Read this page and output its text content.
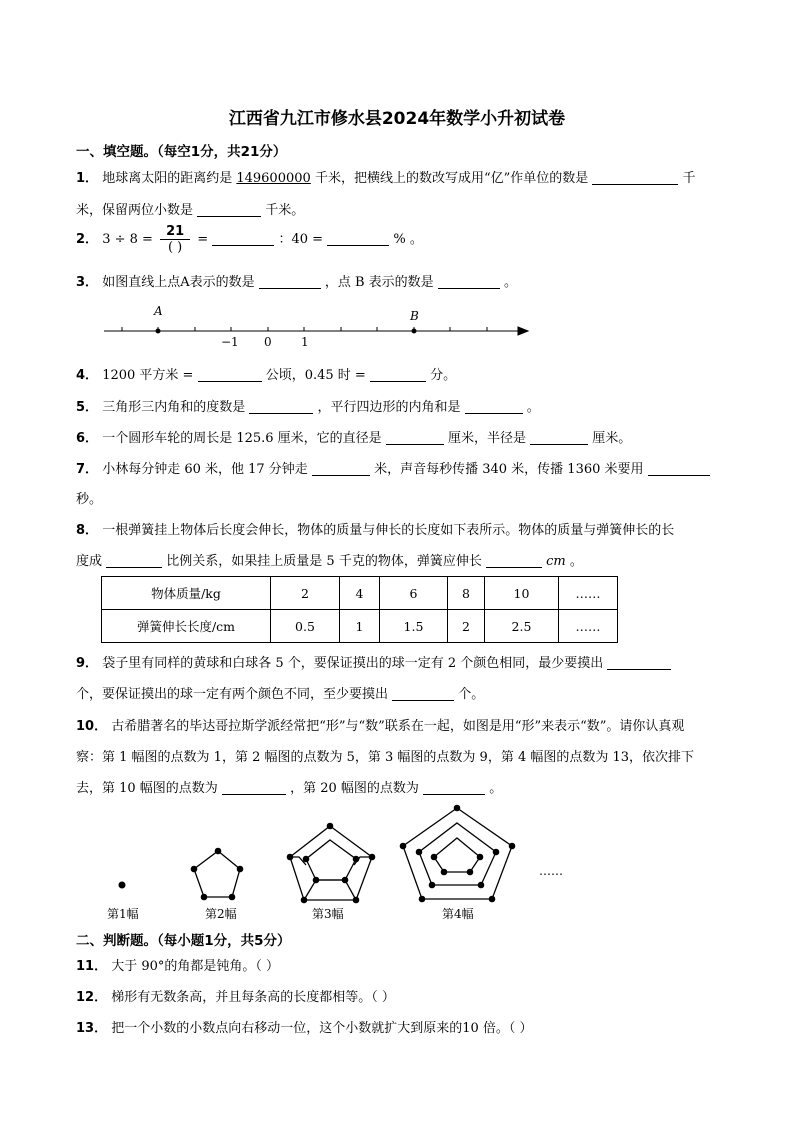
江西省九江市修水县2024年数学小升初试卷
一、填空题。（每空1分，共21分）
1． 地球离太阳的距离约是 149600000 千米，把横线上的数改写成用“亿”作单位的数是	千
米，保留两位小数是	千米。
2． $3 \div 8 = \frac{21}{( )}$ =	：40 =	% 。
3． 如图直线上点A表示的数是	，点 B 表示的数是	。
A	B
−1 0 1
第1幅	第2幅	第3幅	第4幅
……
4． 1200 平方米 =	公顷，0.45 时 =	分。
5． 三角形三内角和的度数是	，平行四边形的内角和是	。
6． 一个圆形车轮的周长是 125.6 厘米，它的直径是	厘米，半径是	厘米。
7． 小林每分钟走 60 米，他 17 分钟走	米，声音每秒传播 340 米，传播 1360 米要用
秒。
8． 一根弹簧挂上物体后长度会伸长，物体的质量与伸长的长度如下表所示。物体的质量与弹簧伸长的长
度成	比例关系，如果挂上质量是 5 千克的物体，弹簧应伸长	cm 。
物体质量/kg	2	4	6	8	10	……
弹簧伸长长度/cm	0.5	1	1.5	2	2.5	……
9． 袋子里有同样的黄球和白球各 5 个，要保证摸出的球一定有 2 个颜色相同，最少要摸出
个，要保证摸出的球一定有两个颜色不同，至少要摸出	个。
10． 古希腊著名的毕达哥拉斯学派经常把“形”与“数”联系在一起，如图是用“形”来表示“数”。请你认真观
察：第 1 幅图的点数为 1，第 2 幅图的点数为 5，第 3 幅图的点数为 9，第 4 幅图的点数为 13，依次排下
去，第 10 幅图的点数为	，第 20 幅图的点数为	。
二、判断题。（每小题1分，共5分）
11． 大于 90°的角都是钝角。（ ）
12． 梯形有无数条高，并且每条高的长度都相等。（ ）
13． 把一个小数的小数点向右移动一位，这个小数就扩大到原来的10 倍。（ ）
